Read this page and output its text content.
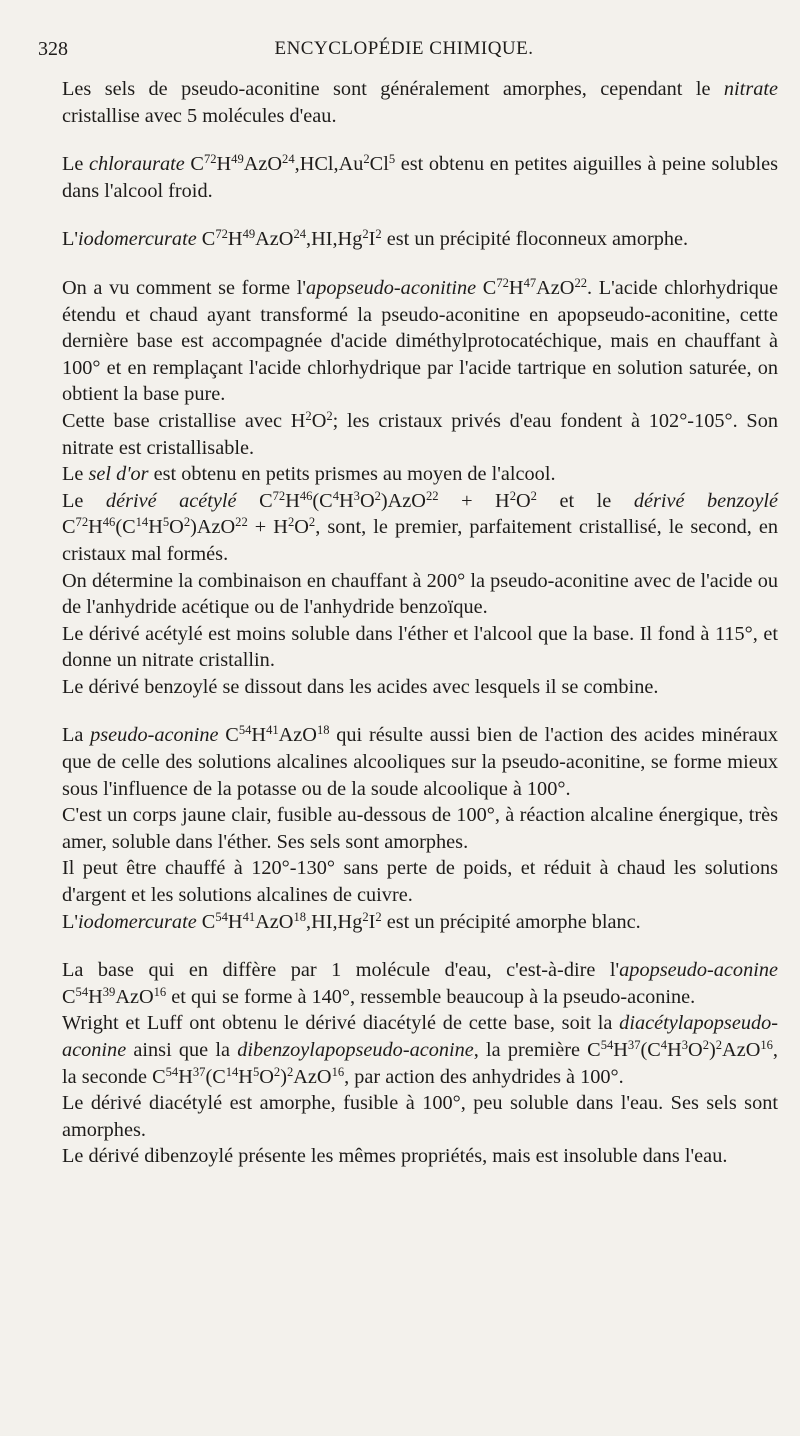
328	ENCYCLOPÉDIE CHIMIQUE.

Les sels de pseudo-aconitine sont généralement amorphes, cependant le nitrate cristallise avec 5 molécules d'eau.

Le chloraurate $C^{72}H^{49}AzO^{24},HCl,Au^2Cl^5$ est obtenu en petites aiguilles à peine solubles dans l'alcool froid.

L'iodomercurate $C^{72}H^{49}AzO^{24},HI,Hg^2I^2$ est un précipité floconneux amorphe.

On a vu comment se forme l'apopseudo-aconitine $C^{72}H^{47}AzO^{22}$. L'acide chlorhydrique étendu et chaud ayant transformé la pseudo-aconitine en apopseudo-aconitine, cette dernière base est accompagnée d'acide diméthylprotocatéchique, mais en chauffant à 100° et en remplaçant l'acide chlorhydrique par l'acide tartrique en solution saturée, on obtient la base pure.

Cette base cristallise avec $H^2O^2$; les cristaux privés d'eau fondent à 102°-105°. Son nitrate est cristallisable.

Le sel d'or est obtenu en petits prismes au moyen de l'alcool.

Le dérivé acétylé $C^{72}H^{46}(C^4H^3O^2)AzO^{22} + H^2O^2$ et le dérivé benzoylé $C^{72}H^{46}(C^{14}H^5O^2)AzO^{22} + H^2O^2$, sont, le premier, parfaitement cristallisé, le second, en cristaux mal formés.

On détermine la combinaison en chauffant à 200° la pseudo-aconitine avec de l'acide ou de l'anhydride acétique ou de l'anhydride benzoïque.

Le dérivé acétylé est moins soluble dans l'éther et l'alcool que la base. Il fond à 115°, et donne un nitrate cristallin.

Le dérivé benzoylé se dissout dans les acides avec lesquels il se combine.

La pseudo-aconine $C^{54}H^{41}AzO^{18}$ qui résulte aussi bien de l'action des acides minéraux que de celle des solutions alcalines alcooliques sur la pseudo-aconitine, se forme mieux sous l'influence de la potasse ou de la soude alcoolique à 100°.

C'est un corps jaune clair, fusible au-dessous de 100°, à réaction alcaline énergique, très amer, soluble dans l'éther. Ses sels sont amorphes.

Il peut être chauffé à 120°-130° sans perte de poids, et réduit à chaud les solutions d'argent et les solutions alcalines de cuivre.

L'iodomercurate $C^{54}H^{41}AzO^{18},HI,Hg^2I^2$ est un précipité amorphe blanc.

La base qui en diffère par 1 molécule d'eau, c'est-à-dire l'apopseudo-aconine $C^{54}H^{39}AzO^{16}$ et qui se forme à 140°, ressemble beaucoup à la pseudo-aconine.

Wright et Luff ont obtenu le dérivé diacétylé de cette base, soit la diacétylapopseudo-aconine ainsi que la dibenzoylapopseudo-aconine, la première $C^{54}H^{37}(C^4H^3O^2)^2AzO^{16}$, la seconde $C^{54}H^{37}(C^{14}H^5O^2)^2AzO^{16}$, par action des anhydrides à 100°.

Le dérivé diacétylé est amorphe, fusible à 100°, peu soluble dans l'eau. Ses sels sont amorphes.

Le dérivé dibenzoylé présente les mêmes propriétés, mais est insoluble dans l'eau.
